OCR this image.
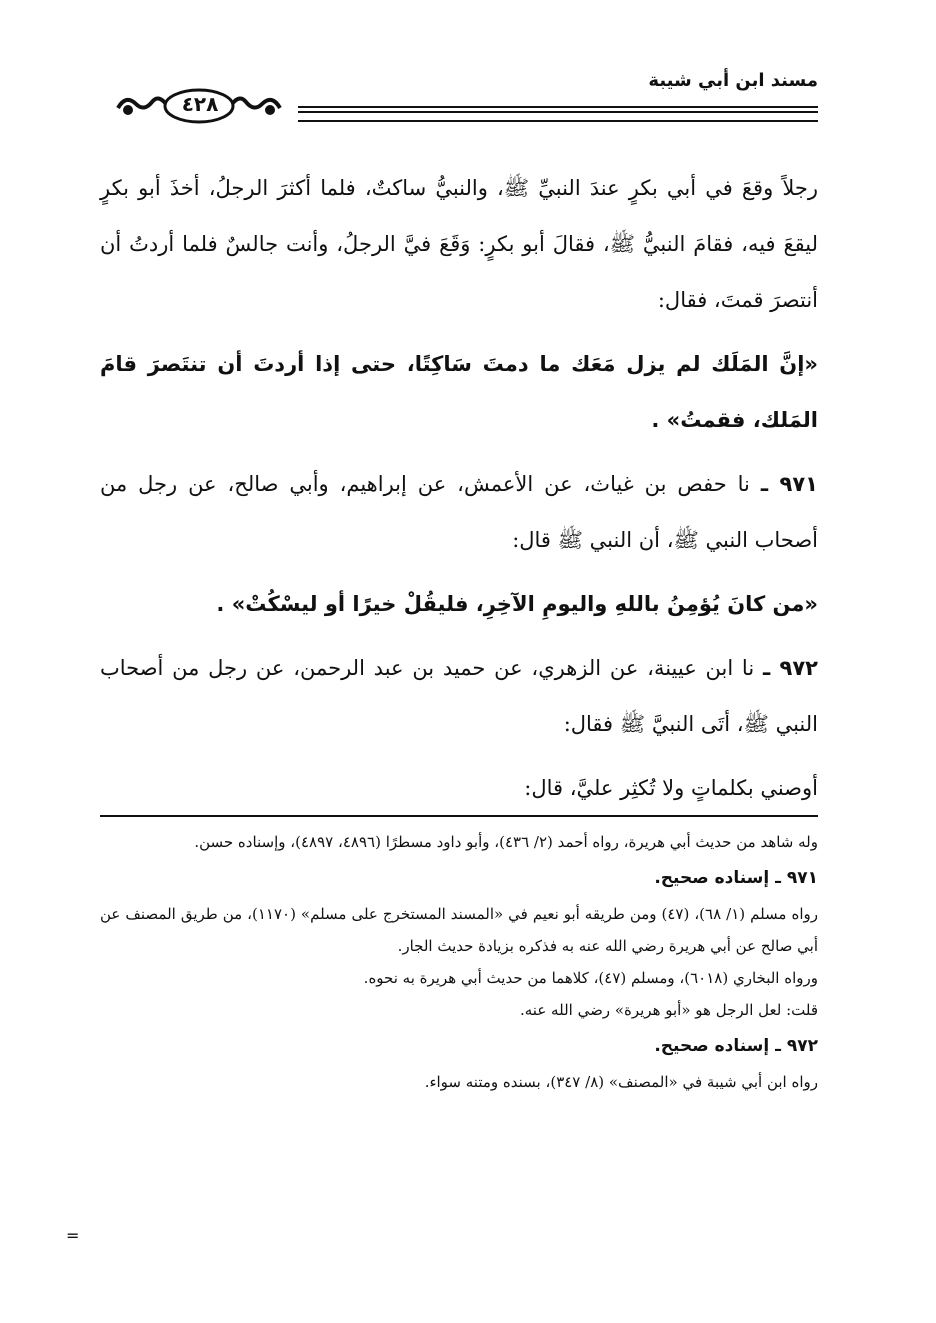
مسند ابن أبي شيبة
٤٢٨

رجلاً وقعَ في أبي بكرٍ عندَ النبيِّ ﷺ، والنبيُّ ساكتٌ، فلما أكثرَ الرجلُ، أخذَ أبو بكرٍ ليقعَ فيه، فقامَ النبيُّ ﷺ، فقالَ أبو بكرٍ: وَقَعَ فيَّ الرجلُ، وأنت جالسٌ فلما أردتُ أن أنتصرَ قمتَ، فقال:

«إنَّ المَلَك لم يزل مَعَك ما دمتَ سَاكِتًا، حتى إذا أردتَ أن تنتَصرَ قامَ المَلك، فقمتُ» .

٩٧١ ـ نا حفص بن غياث، عن الأعمش، عن إبراهيم، وأبي صالح، عن رجل من أصحاب النبي ﷺ، أن النبي ﷺ قال:

«من كانَ يُؤمِنُ باللهِ واليومِ الآخِرِ، فليقُلْ خيرًا أو ليسْكُتْ» .

٩٧٢ ـ نا ابن عيينة، عن الزهري، عن حميد بن عبد الرحمن، عن رجل من أصحاب النبي ﷺ، أتَى النبيَّ ﷺ فقال:

أوصني بكلماتٍ ولا تُكثِر عليَّ، قال:

وله شاهد من حديث أبي هريرة، رواه أحمد (٢/ ٤٣٦)، وأبو داود مسطرًا (٤٨٩٦، ٤٨٩٧)، وإسناده حسن.

٩٧١ ـ إسناده صحيح.

رواه مسلم (١/ ٦٨)، (٤٧) ومن طريقه أبو نعيم في «المسند المستخرج على مسلم» (١١٧٠)، من طريق المصنف عن أبي صالح عن أبي هريرة رضي الله عنه به فذكره بزيادة حديث الجار.

ورواه البخاري (٦٠١٨)، ومسلم (٤٧)، كلاهما من حديث أبي هريرة به نحوه.

قلت: لعل الرجل هو «أبو هريرة» رضي الله عنه.

٩٧٢ ـ إسناده صحيح.

رواه ابن أبي شيبة في «المصنف» (٨/ ٣٤٧)، بسنده ومتنه سواء.

=
